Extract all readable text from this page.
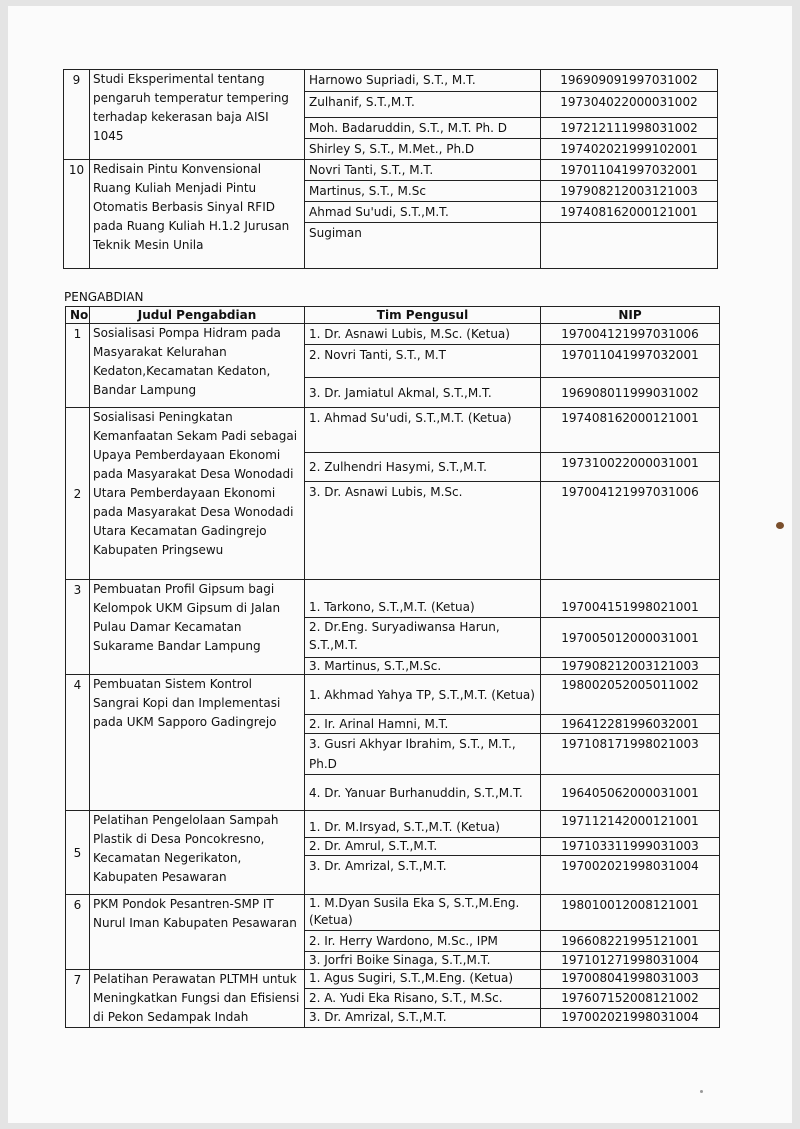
9	Studi Eksperimental tentang pengaruh temperatur tempering terhadap kekerasan baja AISI 1045	Harnowo Supriadi, S.T., M.T.	196909091997031002
		Zulhanif, S.T.,M.T.	197304022000031002
		Moh. Badaruddin, S.T., M.T. Ph. D	197212111998031002
		Shirley S, S.T., M.Met., Ph.D	197402021999102001
10	Redisain Pintu Konvensional Ruang Kuliah Menjadi Pintu Otomatis Berbasis Sinyal RFID pada Ruang Kuliah H.1.2 Jurusan Teknik Mesin Unila	Novri Tanti, S.T., M.T.	197011041997032001
		Martinus, S.T., M.Sc	197908212003121003
		Ahmad Su'udi, S.T.,M.T.	197408162000121001
		Sugiman	
PENGABDIAN
No	Judul Pengabdian	Tim Pengusul	NIP
1	Sosialisasi Pompa Hidram pada Masyarakat Kelurahan Kedaton,Kecamatan Kedaton, Bandar Lampung	1. Dr. Asnawi Lubis, M.Sc. (Ketua)	197004121997031006
		2. Novri Tanti, S.T., M.T	197011041997032001
		3. Dr. Jamiatul Akmal, S.T.,M.T.	196908011999031002
2	Sosialisasi Peningkatan Kemanfaatan Sekam Padi sebagai Upaya Pemberdayaan Ekonomi pada Masyarakat Desa Wonodadi Utara Pemberdayaan Ekonomi pada Masyarakat Desa Wonodadi Utara Kecamatan Gadingrejo Kabupaten Pringsewu	1. Ahmad Su'udi, S.T.,M.T. (Ketua)	197408162000121001
		2. Zulhendri Hasymi, S.T.,M.T.	197310022000031001
		3. Dr. Asnawi Lubis, M.Sc.	197004121997031006
3	Pembuatan Profil Gipsum bagi Kelompok UKM Gipsum di Jalan Pulau Damar Kecamatan Sukarame Bandar Lampung	1. Tarkono, S.T.,M.T. (Ketua)	197004151998021001
		2. Dr.Eng. Suryadiwansa Harun, S.T.,M.T.	197005012000031001
		3. Martinus, S.T.,M.Sc.	197908212003121003
4	Pembuatan Sistem Kontrol Sangrai Kopi dan Implementasi pada UKM Sapporo Gadingrejo	1. Akhmad Yahya TP, S.T.,M.T. (Ketua)	198002052005011002
		2. Ir. Arinal Hamni, M.T.	196412281996032001
		3. Gusri Akhyar Ibrahim, S.T., M.T., Ph.D	197108171998021003
		4. Dr. Yanuar Burhanuddin, S.T.,M.T.	196405062000031001
5	Pelatihan Pengelolaan Sampah Plastik di Desa Poncokresno, Kecamatan Negerikaton, Kabupaten Pesawaran	1. Dr. M.Irsyad, S.T.,M.T. (Ketua)	197112142000121001
		2. Dr. Amrul, S.T.,M.T.	197103311999031003
		3. Dr. Amrizal, S.T.,M.T.	197002021998031004
6	PKM Pondok Pesantren-SMP IT Nurul Iman Kabupaten Pesawaran	1. M.Dyan Susila Eka S, S.T.,M.Eng. (Ketua)	198010012008121001
		2. Ir. Herry Wardono, M.Sc., IPM	196608221995121001
		3. Jorfri Boike Sinaga, S.T.,M.T.	197101271998031004
7	Pelatihan Perawatan PLTMH untuk Meningkatkan Fungsi dan Efisiensi di Pekon Sedampak Indah	1. Agus Sugiri, S.T.,M.Eng. (Ketua)	197008041998031003
		2. A. Yudi Eka Risano, S.T., M.Sc.	197607152008121002
		3. Dr. Amrizal, S.T.,M.T.	197002021998031004
